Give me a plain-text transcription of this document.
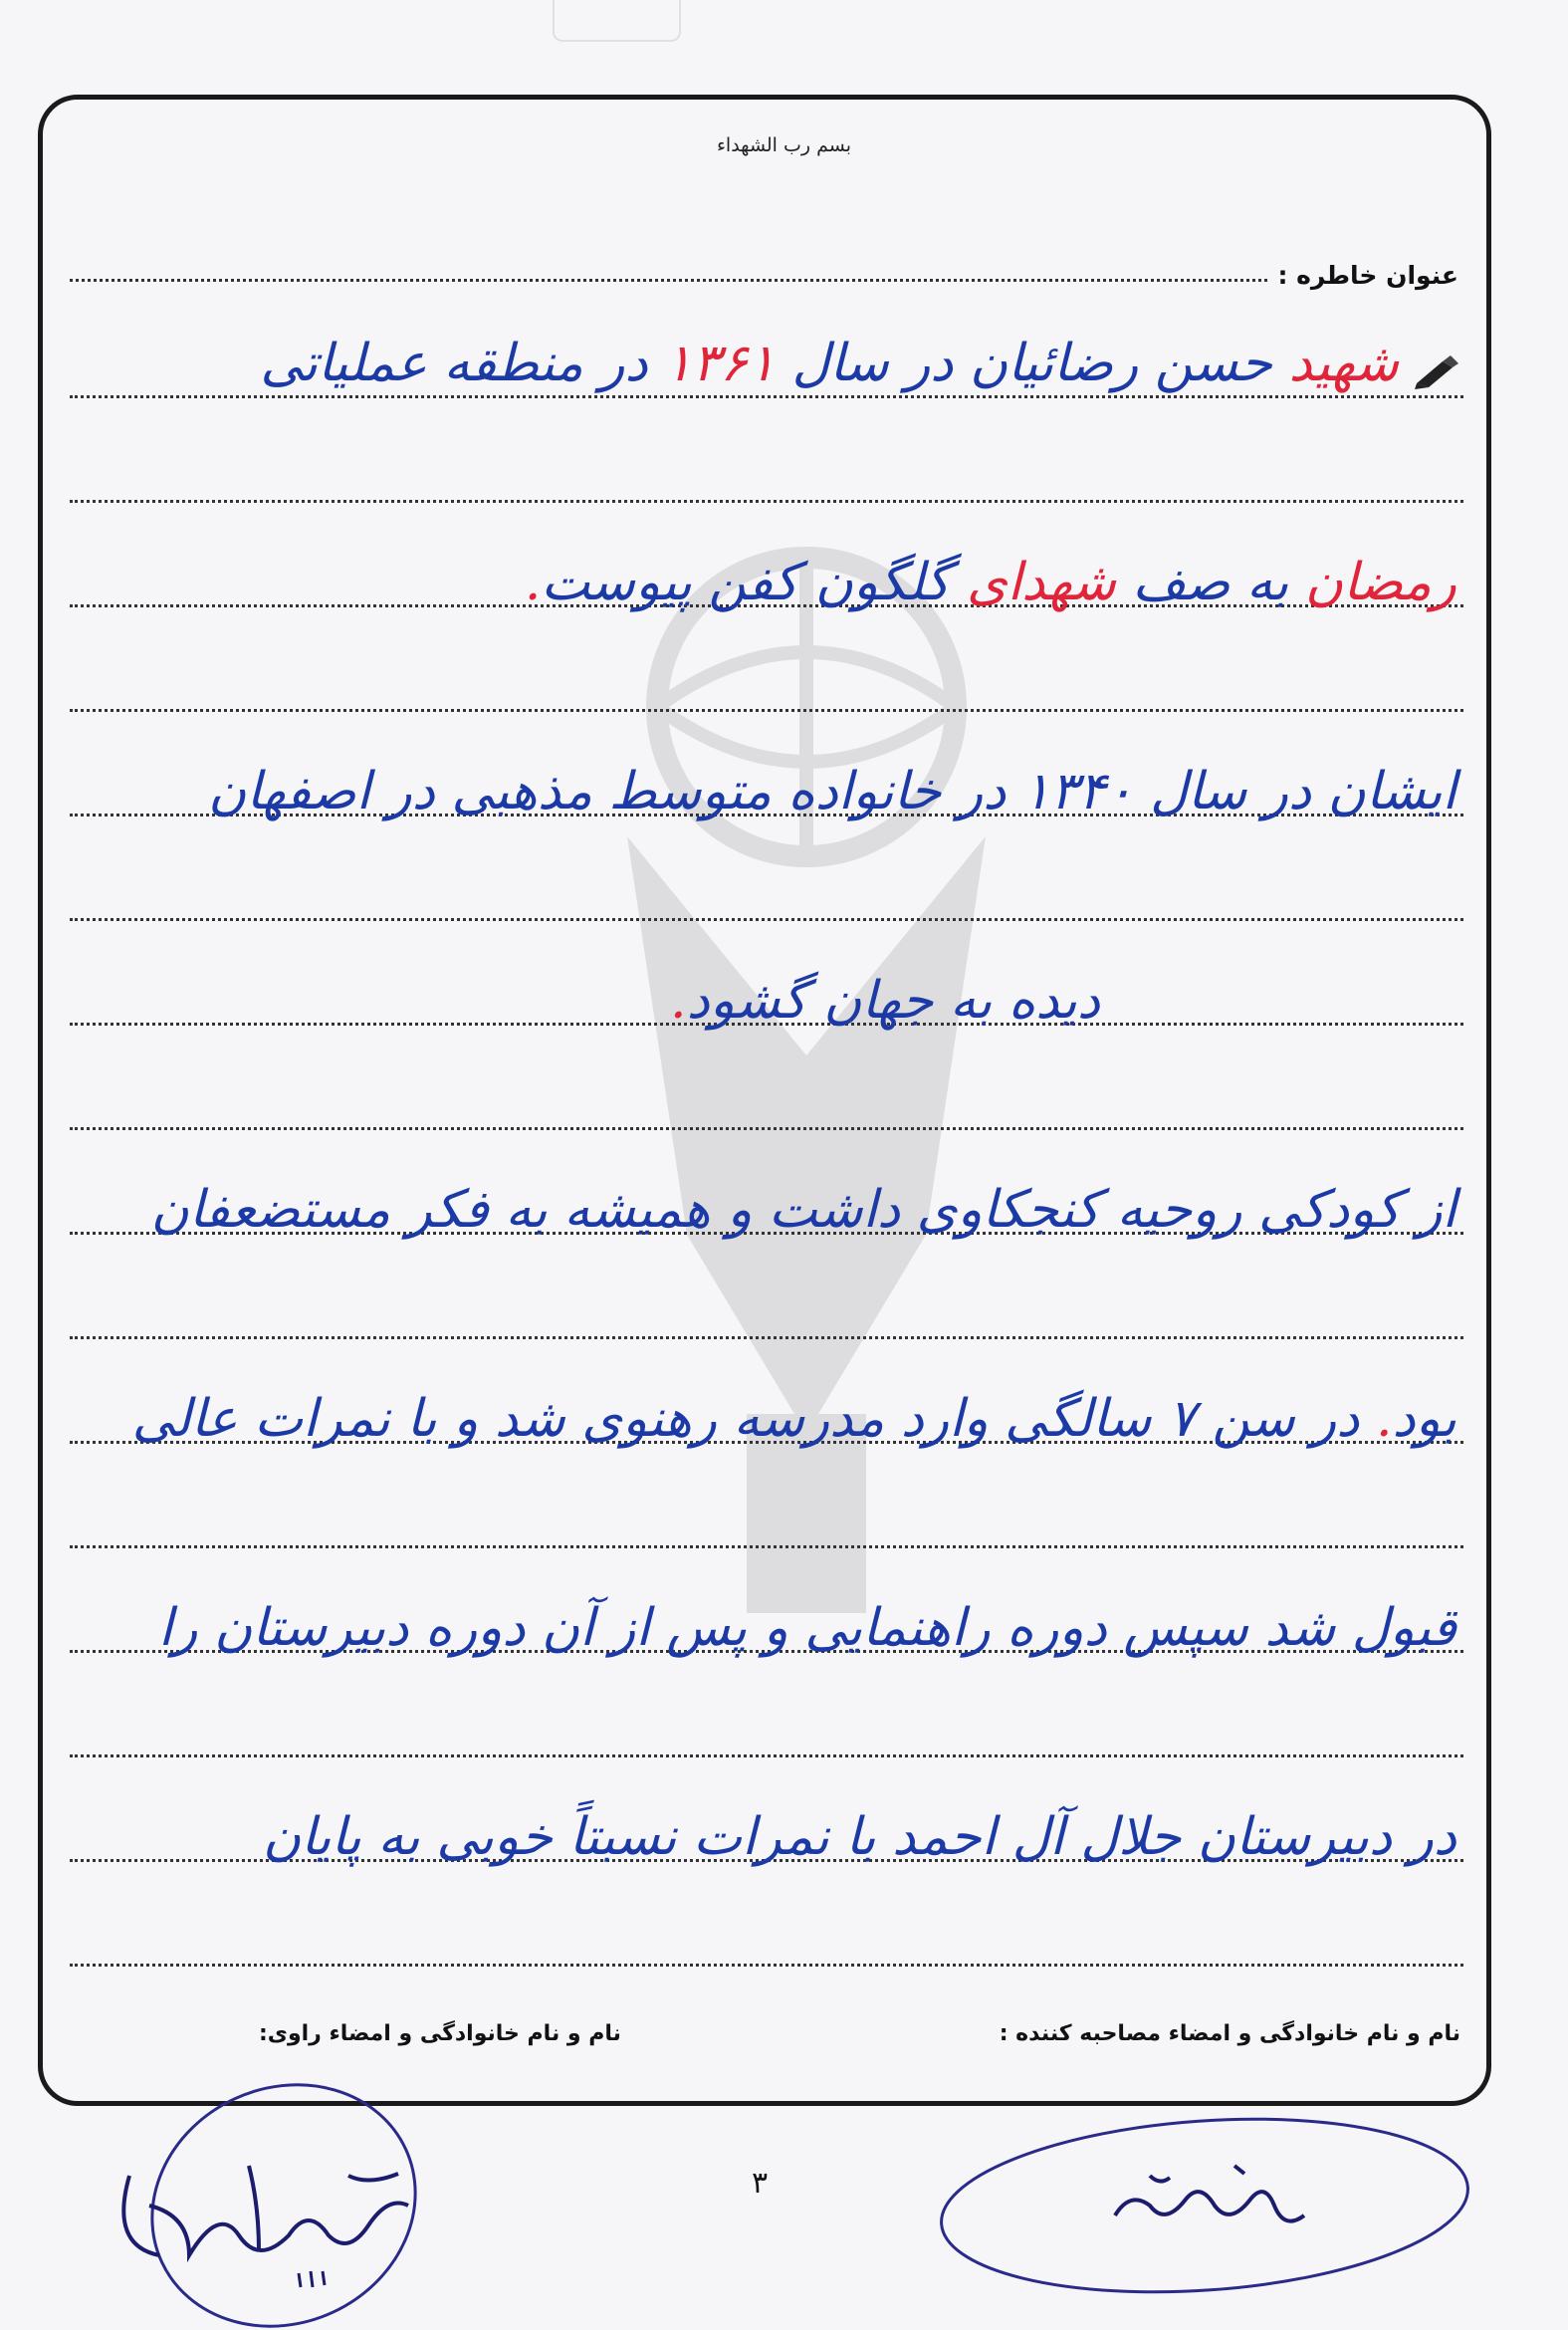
بسم رب الشهداء
عنوان خاطره :
شهید حسن رضائیان در سال ۱۳۶۱ در منطقه عملیاتی
رمضان به صف شهدای گلگون کفن پیوست.
ایشان در سال ۱۳۴۰ در خانواده متوسط مذهبی در اصفهان
دیده به جهان گشود.
از کودکی روحیه کنجکاوی داشت و همیشه به فکر مستضعفان
بود. در سن ۷ سالگی وارد مدرسه رهنوی شد و با نمرات عالی
قبول شد سپس دوره راهنمایی و پس از آن دوره دبیرستان را
در دبیرستان جلال آل احمد با نمرات نسبتاً خوبی به پایان
نام و نام خانوادگی و امضاء مصاحبه کننده :
نام و نام خانوادگی و امضاء راوی:
۳
